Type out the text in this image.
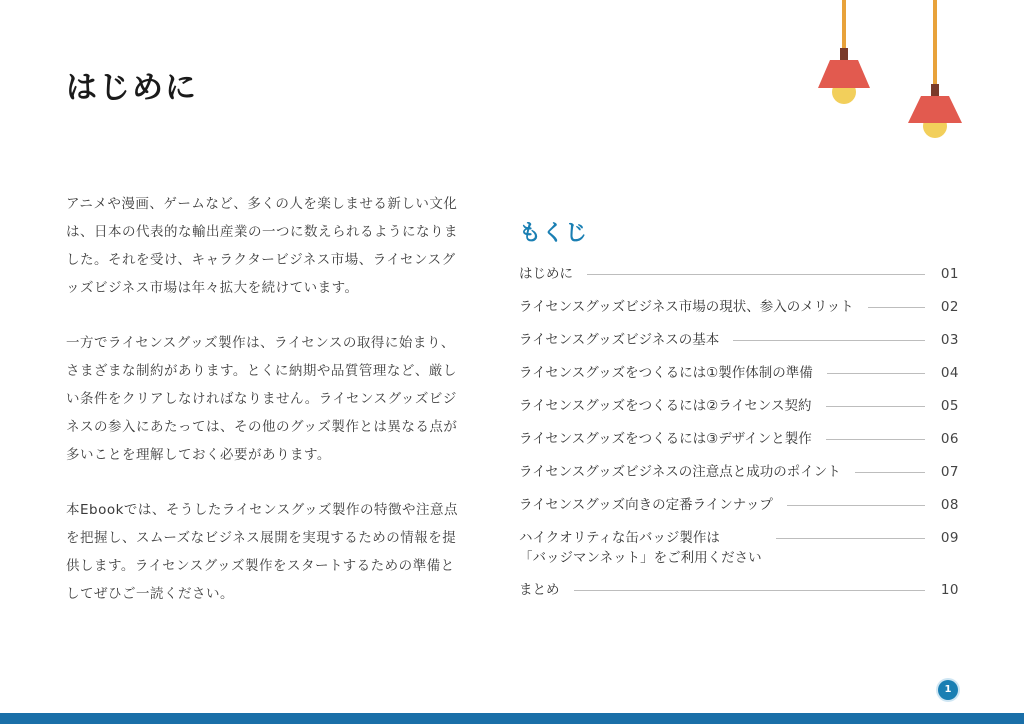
はじめに

アニメや漫画、ゲームなど、多くの人を楽しませる新しい文化は、日本の代表的な輸出産業の一つに数えられるようになりました。それを受け、キャラクタービジネス市場、ライセンスグッズビジネス市場は年々拡大を続けています。

一方でライセンスグッズ製作は、ライセンスの取得に始まり、さまざまな制約があります。とくに納期や品質管理など、厳しい条件をクリアしなければなりません。ライセンスグッズビジネスの参入にあたっては、その他のグッズ製作とは異なる点が多いことを理解しておく必要があります。

本Ebookでは、そうしたライセンスグッズ製作の特徴や注意点を把握し、スムーズなビジネス展開を実現するための情報を提供します。ライセンスグッズ製作をスタートするための準備としてぜひご一読ください。

もくじ
はじめに	01
ライセンスグッズビジネス市場の現状、参入のメリット	02
ライセンスグッズビジネスの基本	03
ライセンスグッズをつくるには①製作体制の準備	04
ライセンスグッズをつくるには②ライセンス契約	05
ライセンスグッズをつくるには③デザインと製作	06
ライセンスグッズビジネスの注意点と成功のポイント	07
ライセンスグッズ向きの定番ラインナップ	08
ハイクオリティな缶バッジ製作は
「バッジマンネット」をご利用ください
09
まとめ	10
1
